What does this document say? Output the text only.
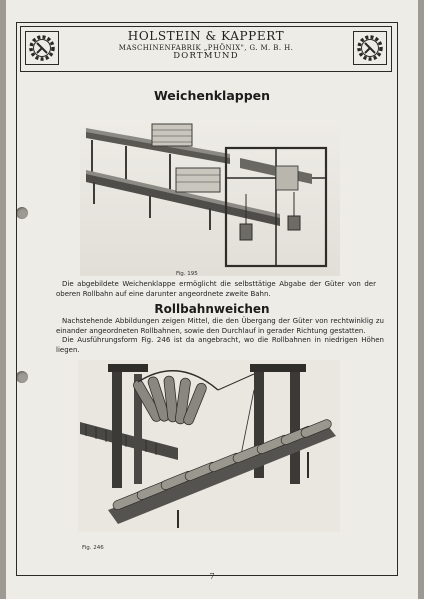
HOLSTEIN & KAPPERT
MASCHINENFABRIK „PHÖNIX", G. M. B. H.
DORTMUND
Weichenklappen
Fig. 195
Die abgebildete Weichenklappe ermöglicht die selbsttätige Abgabe der Güter von der oberen Rollbahn auf eine darunter angeordnete zweite Bahn.
Rollbahnweichen
Nachstehende Abbildungen zeigen Mittel, die den Übergang der Güter von rechtwinklig zu einander angeordneten Rollbahnen, sowie den Durchlauf in gerader Richtung gestatten.
Die Ausführungsform Fig. 246 ist da angebracht, wo die Rollbahnen in niedrigen Höhen liegen.
Fig. 246
7
